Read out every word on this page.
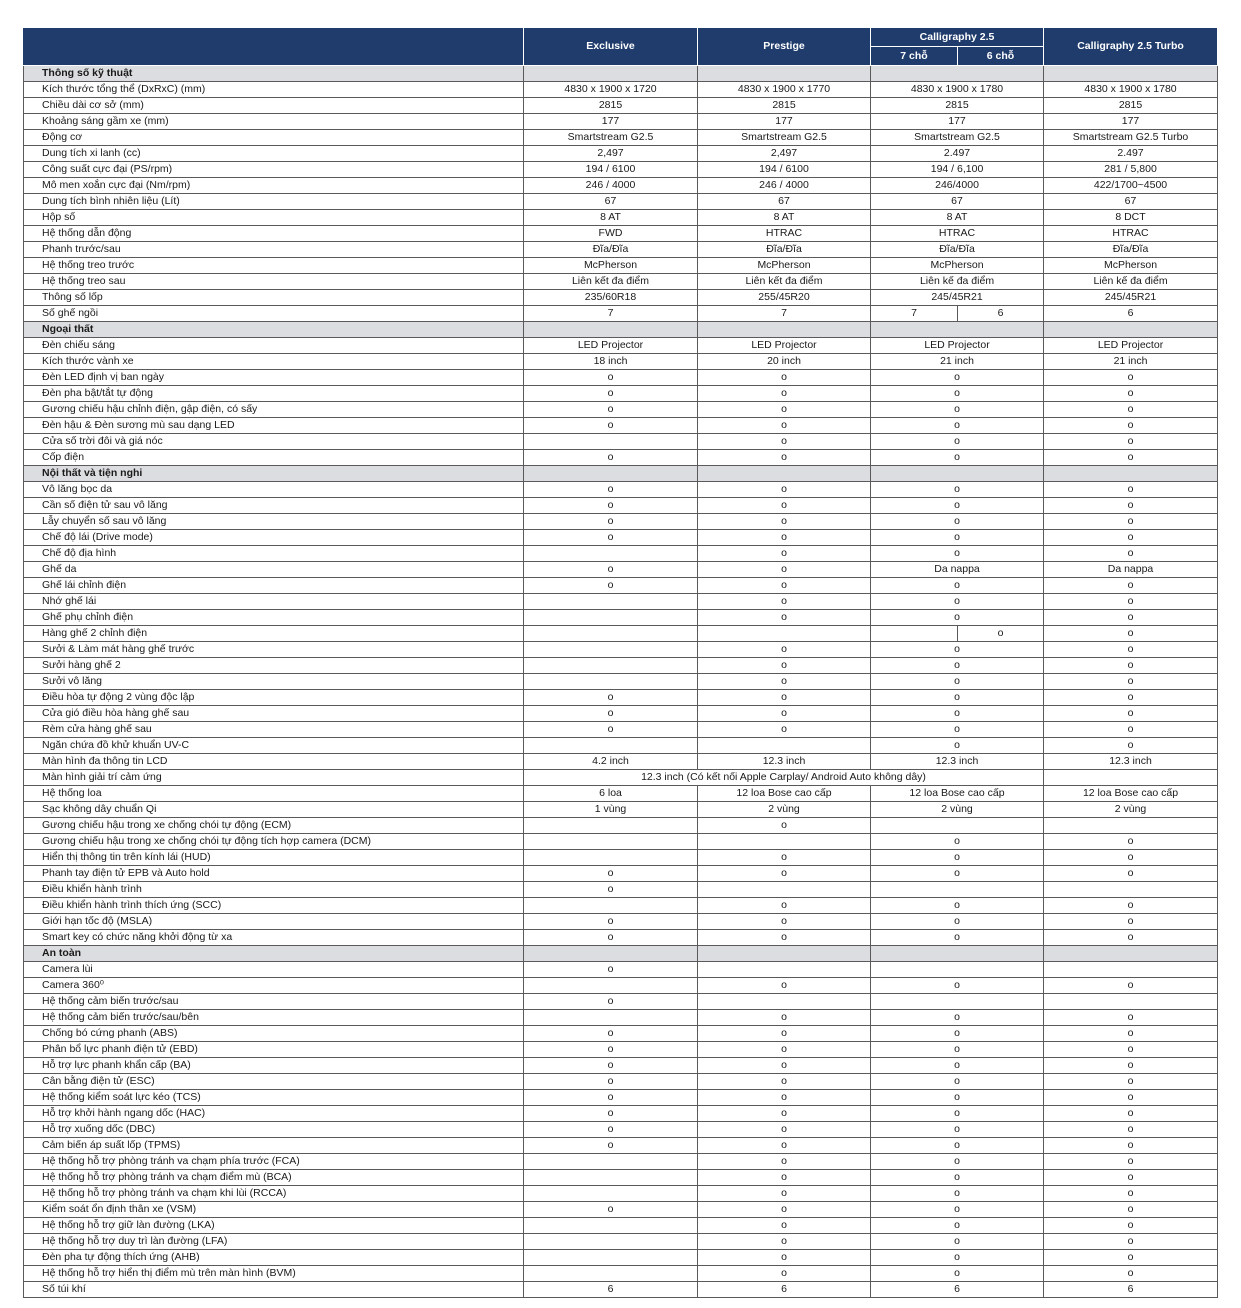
	Exclusive	Prestige	Calligraphy 2.5		Calligraphy 2.5 Turbo
			7 chỗ	6 chỗ	
Thông số kỹ thuật					
Kích thước tổng thể (DxRxC) (mm)	4830 x 1900 x 1720	4830 x 1900 x 1770	4830 x 1900 x 1780		4830 x 1900 x 1780
Chiều dài cơ sở (mm)	2815	2815	2815		2815
Khoảng sáng gầm xe (mm)	177	177	177		177
Động cơ	Smartstream G2.5	Smartstream G2.5	Smartstream G2.5		Smartstream G2.5 Turbo
Dung tích xi lanh (cc)	2,497	2,497	2.497		2.497
Công suất cực đại (PS/rpm)	194 / 6100	194 / 6100	194 / 6,100		281 / 5,800
Mô men xoắn cực đại (Nm/rpm)	246 / 4000	246 / 4000	246/4000		422/1700~4500
Dung tích bình nhiên liệu (Lít)	67	67	67		67
Hộp số	8 AT	8 AT	8 AT		8 DCT
Hệ thống dẫn động	FWD	HTRAC	HTRAC		HTRAC
Phanh trước/sau	Đĩa/Đĩa	Đĩa/Đĩa	Đĩa/Đĩa		Đĩa/Đĩa
Hệ thống treo trước	McPherson	McPherson	McPherson		McPherson
Hệ thống treo sau	Liên kết đa điểm	Liên kết đa điểm	Liên kế đa điểm		Liên kế đa điểm
Thông số lốp	235/60R18	255/45R20	245/45R21		245/45R21
Số ghế ngồi	7	7	7	6	6
Ngoại thất					
Đèn chiếu sáng	LED Projector	LED Projector	LED Projector		LED Projector
Kích thước vành xe	18 inch	20 inch	21 inch		21 inch
Đèn LED định vị ban ngày	o	o	o		o
Đèn pha bật/tắt tự động	o	o	o		o
Gương chiếu hậu chỉnh điện, gập điện, có sấy	o	o	o		o
Đèn hậu & Đèn sương mù sau dạng LED	o	o	o		o
Cửa số trời đôi và giá nóc		o	o		o
Cốp điện	o	o	o		o
Nội thất và tiện nghi					
Vô lăng bọc da	o	o	o		o
Cần số điện tử sau vô lăng	o	o	o		o
Lẫy chuyển số sau vô lăng	o	o	o		o
Chế độ lái (Drive mode)	o	o	o		o
Chế độ địa hình		o	o		o
Ghế da	o	o	Da nappa		Da nappa
Ghế lái chỉnh điện	o	o	o		o
Nhớ ghế lái		o	o		o
Ghế phụ chỉnh điện		o	o		o
Hàng ghế 2 chỉnh điện				o	o
Sưởi & Làm mát hàng ghế trước		o	o		o
Sưởi hàng ghế 2		o	o		o
Sưởi vô lăng		o	o		o
Điều hòa tự động 2 vùng độc lập	o	o	o		o
Cửa gió điều hòa hàng ghế sau	o	o	o		o
Rèm cửa hàng ghế sau	o	o	o		o
Ngăn chứa đồ khử khuẩn UV-C			o		o
Màn hình đa thông tin LCD	4.2 inch	12.3 inch	12.3 inch		12.3 inch
Màn hình giải trí cảm ứng	12.3 inch (Có kết nối Apple Carplay/ Android Auto không dây)				
Hệ thống loa	6 loa	12 loa Bose cao cấp	12 loa Bose cao cấp		12 loa Bose cao cấp
Sạc không dây chuẩn Qi	1 vùng	2 vùng	2 vùng		2 vùng
Gương chiếu hậu trong xe chống chói tự động (ECM)		o			
Gương chiếu hậu trong xe chống chói tự động tích hợp camera (DCM)			o		o
Hiển thị thông tin trên kính lái (HUD)		o	o		o
Phanh tay điện tử EPB và Auto hold	o	o	o		o
Điều khiển hành trình	o				
Điều khiển hành trình thích ứng (SCC)		o	o		o
Giới hạn tốc độ (MSLA)	o	o	o		o
Smart key có chức năng khởi động từ xa	o	o	o		o
An toàn					
Camera lùi	o				
Camera 360⁰		o	o		o
Hệ thống cảm biến trước/sau	o				
Hệ thống cảm biến trước/sau/bên		o	o		o
Chống bó cứng phanh (ABS)	o	o	o		o
Phân bổ lực phanh điện tử (EBD)	o	o	o		o
Hỗ trợ lực phanh khẩn cấp (BA)	o	o	o		o
Cân bằng điện tử (ESC)	o	o	o		o
Hệ thống kiểm soát lực kéo (TCS)	o	o	o		o
Hỗ trợ khởi hành ngang dốc (HAC)	o	o	o		o
Hỗ trợ xuống dốc (DBC)	o	o	o		o
Cảm biến áp suất lốp (TPMS)	o	o	o		o
Hệ thống hỗ trợ phòng tránh va chạm phía trước (FCA)		o	o		o
Hệ thống hỗ trợ phòng tránh va chạm điểm mù (BCA)		o	o		o
Hệ thống hỗ trợ phòng tránh va chạm khi lùi (RCCA)		o	o		o
Kiểm soát ổn định thân xe (VSM)	o	o	o		o
Hệ thống hỗ trợ giữ làn đường (LKA)		o	o		o
Hệ thống hỗ trợ duy trì làn đường (LFA)		o	o		o
Đèn pha tự động thích ứng (AHB)		o	o		o
Hệ thống hỗ trợ hiển thị điểm mù trên màn hình (BVM)		o	o		o
Số túi khí	6	6	6		6
